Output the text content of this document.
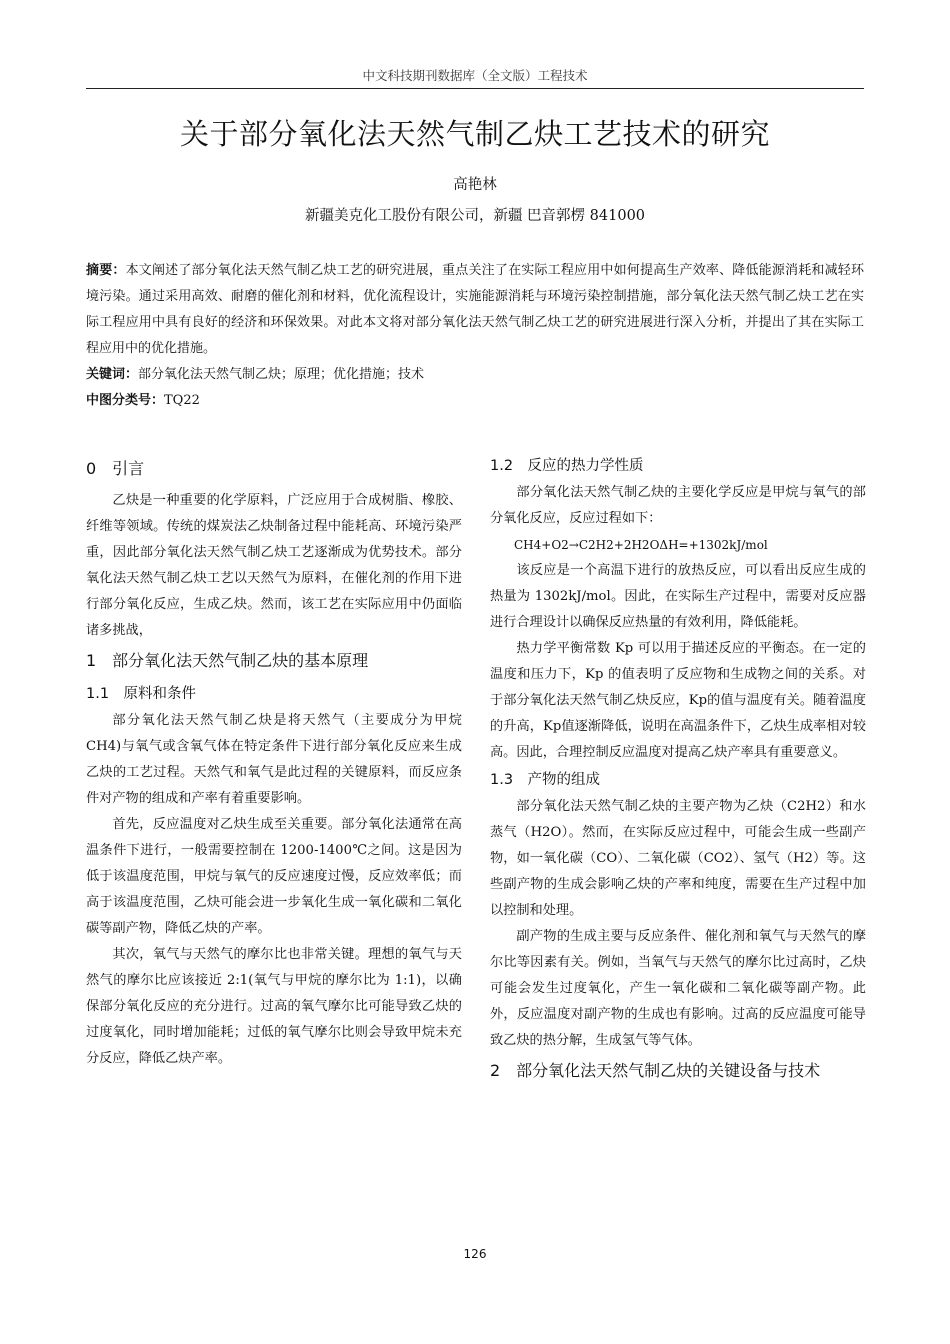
中文科技期刊数据库（全文版）工程技术
关于部分氧化法天然气制乙炔工艺技术的研究
高艳林
新疆美克化工股份有限公司，新疆 巴音郭楞 841000

摘要：本文阐述了部分氧化法天然气制乙炔工艺的研究进展，重点关注了在实际工程应用中如何提高生产效率、降低能源消耗和减轻环境污染。通过采用高效、耐磨的催化剂和材料，优化流程设计，实施能源消耗与环境污染控制措施，部分氧化法天然气制乙炔工艺在实际工程应用中具有良好的经济和环保效果。对此本文将对部分氧化法天然气制乙炔工艺的研究进展进行深入分析，并提出了其在实际工程应用中的优化措施。

关键词：部分氧化法天然气制乙炔；原理；优化措施；技术

中图分类号：TQ22

0　引言

乙炔是一种重要的化学原料，广泛应用于合成树脂、橡胶、纤维等领域。传统的煤炭法乙炔制备过程中能耗高、环境污染严重，因此部分氧化法天然气制乙炔工艺逐渐成为优势技术。部分氧化法天然气制乙炔工艺以天然气为原料，在催化剂的作用下进行部分氧化反应，生成乙炔。然而，该工艺在实际应用中仍面临诸多挑战，

1　部分氧化法天然气制乙炔的基本原理
1.1　原料和条件

部分氧化法天然气制乙炔是将天然气（主要成分为甲烷 CH4)与氧气或含氧气体在特定条件下进行部分氧化反应来生成乙炔的工艺过程。天然气和氧气是此过程的关键原料，而反应条件对产物的组成和产率有着重要影响。

首先，反应温度对乙炔生成至关重要。部分氧化法通常在高温条件下进行，一般需要控制在 1200-1400℃之间。这是因为低于该温度范围，甲烷与氧气的反应速度过慢，反应效率低；而高于该温度范围，乙炔可能会进一步氧化生成一氧化碳和二氧化碳等副产物，降低乙炔的产率。

其次，氧气与天然气的摩尔比也非常关键。理想的氧气与天然气的摩尔比应该接近 2:1(氧气与甲烷的摩尔比为 1:1)，以确保部分氧化反应的充分进行。过高的氧气摩尔比可能导致乙炔的过度氧化，同时增加能耗；过低的氧气摩尔比则会导致甲烷未充分反应，降低乙炔产率。

1.2　反应的热力学性质

部分氧化法天然气制乙炔的主要化学反应是甲烷与氧气的部分氧化反应，反应过程如下：

CH4+O2→C2H2+2H2OΔH=+1302kJ/mol

该反应是一个高温下进行的放热反应，可以看出反应生成的热量为 1302kJ/mol。因此，在实际生产过程中，需要对反应器进行合理设计以确保反应热量的有效利用，降低能耗。

热力学平衡常数 Kp 可以用于描述反应的平衡态。在一定的温度和压力下，Kp 的值表明了反应物和生成物之间的关系。对于部分氧化法天然气制乙炔反应，Kp的值与温度有关。随着温度的升高，Kp值逐渐降低，说明在高温条件下，乙炔生成率相对较高。因此，合理控制反应温度对提高乙炔产率具有重要意义。

1.3　产物的组成

部分氧化法天然气制乙炔的主要产物为乙炔（C2H2）和水蒸气（H2O）。然而，在实际反应过程中，可能会生成一些副产物，如一氧化碳（CO）、二氧化碳（CO2）、氢气（H2）等。这些副产物的生成会影响乙炔的产率和纯度，需要在生产过程中加以控制和处理。

副产物的生成主要与反应条件、催化剂和氧气与天然气的摩尔比等因素有关。例如，当氧气与天然气的摩尔比过高时，乙炔可能会发生过度氧化，产生一氧化碳和二氧化碳等副产物。此外，反应温度对副产物的生成也有影响。过高的反应温度可能导致乙炔的热分解，生成氢气等气体。

2　部分氧化法天然气制乙炔的关键设备与技术
126
